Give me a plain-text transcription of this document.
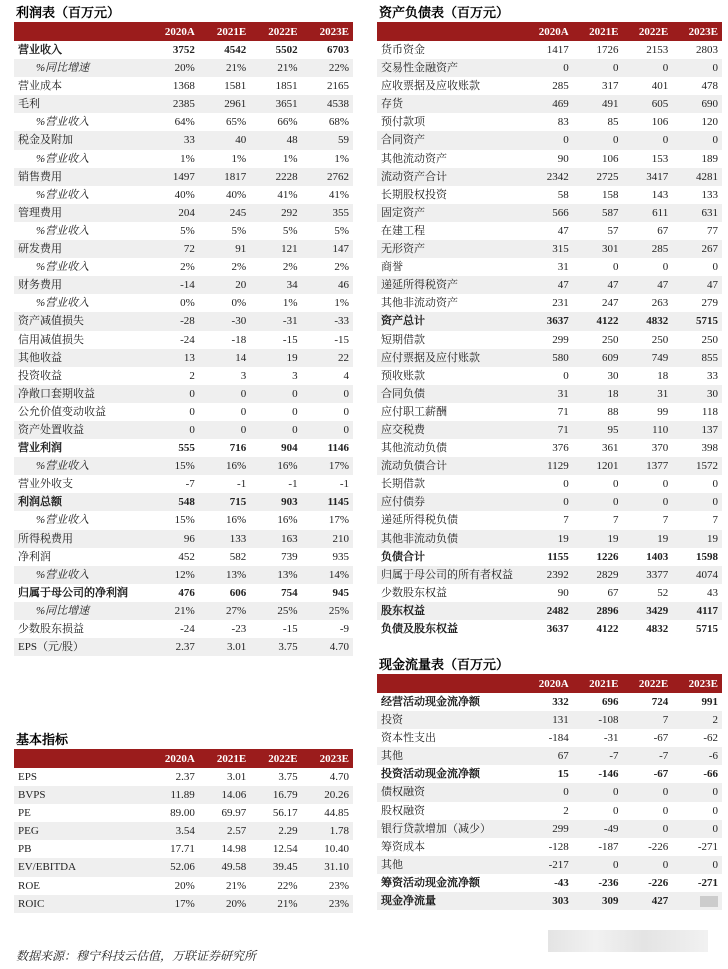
利润表（百万元）
	2020A	2021E	2022E	2023E
营业收入	3752	4542	5502	6703
%同比增速	20%	21%	21%	22%
营业成本	1368	1581	1851	2165
毛利	2385	2961	3651	4538
%营业收入	64%	65%	66%	68%
税金及附加	33	40	48	59
%营业收入	1%	1%	1%	1%
销售费用	1497	1817	2228	2762
%营业收入	40%	40%	41%	41%
管理费用	204	245	292	355
%营业收入	5%	5%	5%	5%
研发费用	72	91	121	147
%营业收入	2%	2%	2%	2%
财务费用	-14	20	34	46
%营业收入	0%	0%	1%	1%
资产减值损失	-28	-30	-31	-33
信用减值损失	-24	-18	-15	-15
其他收益	13	14	19	22
投资收益	2	3	3	4
净敞口套期收益	0	0	0	0
公允价值变动收益	0	0	0	0
资产处置收益	0	0	0	0
营业利润	555	716	904	1146
%营业收入	15%	16%	16%	17%
营业外收支	-7	-1	-1	-1
利润总额	548	715	903	1145
%营业收入	15%	16%	16%	17%
所得税费用	96	133	163	210
净利润	452	582	739	935
%营业收入	12%	13%	13%	14%
归属于母公司的净利润	476	606	754	945
%同比增速	21%	27%	25%	25%
少数股东损益	-24	-23	-15	-9
EPS（元/股）	2.37	3.01	3.75	4.70
资产负债表（百万元）
	2020A	2021E	2022E	2023E
货币资金	1417	1726	2153	2803
交易性金融资产	0	0	0	0
应收票据及应收账款	285	317	401	478
存货	469	491	605	690
预付款项	83	85	106	120
合同资产	0	0	0	0
其他流动资产	90	106	153	189
流动资产合计	2342	2725	3417	4281
长期股权投资	58	158	143	133
固定资产	566	587	611	631
在建工程	47	57	67	77
无形资产	315	301	285	267
商誉	31	0	0	0
递延所得税资产	47	47	47	47
其他非流动资产	231	247	263	279
资产总计	3637	4122	4832	5715
短期借款	299	250	250	250
应付票据及应付账款	580	609	749	855
预收账款	0	30	18	33
合同负债	31	18	31	30
应付职工薪酬	71	88	99	118
应交税费	71	95	110	137
其他流动负债	376	361	370	398
流动负债合计	1129	1201	1377	1572
长期借款	0	0	0	0
应付债券	0	0	0	0
递延所得税负债	7	7	7	7
其他非流动负债	19	19	19	19
负债合计	1155	1226	1403	1598
归属于母公司的所有者权益	2392	2829	3377	4074
少数股东权益	90	67	52	43
股东权益	2482	2896	3429	4117
负债及股东权益	3637	4122	4832	5715
基本指标
	2020A	2021E	2022E	2023E
EPS	2.37	3.01	3.75	4.70
BVPS	11.89	14.06	16.79	20.26
PE	89.00	69.97	56.17	44.85
PEG	3.54	2.57	2.29	1.78
PB	17.71	14.98	12.54	10.40
EV/EBITDA	52.06	49.58	39.45	31.10
ROE	20%	21%	22%	23%
ROIC	17%	20%	21%	23%
现金流量表（百万元）
	2020A	2021E	2022E	2023E
经营活动现金流净额	332	696	724	991
投资	131	-108	7	2
资本性支出	-184	-31	-67	-62
其他	67	-7	-7	-6
投资活动现金流净额	15	-146	-67	-66
债权融资	0	0	0	0
股权融资	2	0	0	0
银行贷款增加（减少）	299	-49	0	0
筹资成本	-128	-187	-226	-271
其他	-217	0	0	0
筹资活动现金流净额	-43	-236	-226	-271
现金净流量	303	309	427	
数据来源：穆宁科技云估值，万联证券研究所
